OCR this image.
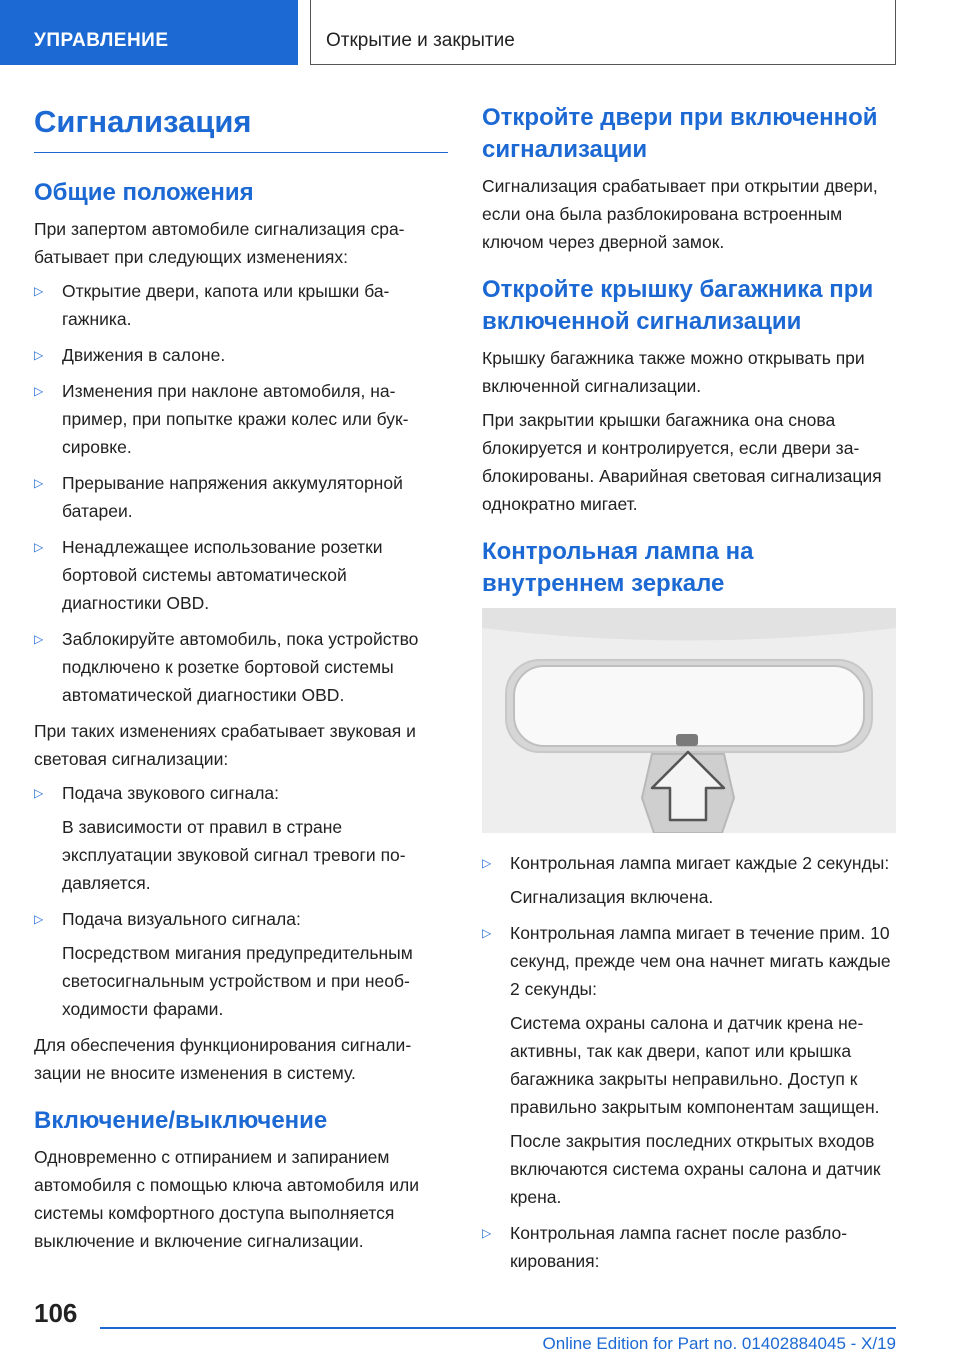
УПРАВЛЕНИЕ	Открытие и закрытие
Сигнализация
Общие положения

При запертом автомобиле сигнализация срабатывает при следующих изменениях:

▷ Открытие двери, капота или крышки багажника.
▷ Движения в салоне.
▷ Изменения при наклоне автомобиля, например, при попытке кражи колес или буксировке.
▷ Прерывание напряжения аккумуляторной батареи.
▷ Ненадлежащее использование розетки бортовой системы автоматической диагностики OBD.
▷ Заблокируйте автомобиль, пока устройство подключено к розетке бортовой системы автоматической диагностики OBD.

При таких изменениях срабатывает звуковая и световая сигнализации:

▷ Подача звукового сигнала:
В зависимости от правил в стране эксплуатации звуковой сигнал тревоги подавляется.
▷ Подача визуального сигнала:
Посредством мигания предупредительным светосигнальным устройством и при необходимости фарами.

Для обеспечения функционирования сигнализации не вносите изменения в систему.

Включение/выключение

Одновременно с отпиранием и запиранием автомобиля с помощью ключа автомобиля или системы комфортного доступа выполняется выключение и включение сигнализации.

Откройте двери при включенной сигнализации

Сигнализация срабатывает при открытии двери, если она была разблокирована встроенным ключом через дверной замок.

Откройте крышку багажника при включенной сигнализации

Крышку багажника также можно открывать при включенной сигнализации.

При закрытии крышки багажника она снова блокируется и контролируется, если двери заблокированы. Аварийная световая сигнализация однократно мигает.

Контрольная лампа на внутреннем зеркале
▷ Контрольная лампа мигает каждые 2 секунды:
Сигнализация включена.
▷ Контрольная лампа мигает в течение прим. 10 секунд, прежде чем она начнет мигать каждые 2 секунды:
Система охраны салона и датчик крена неактивны, так как двери, капот или крышка багажника закрыты неправильно. Доступ к правильно закрытым компонентам защищен.
После закрытия последних открытых входов включаются система охраны салона и датчик крена.
▷ Контрольная лампа гаснет после разблокирования:
106
Online Edition for Part no. 01402884045 - X/19
